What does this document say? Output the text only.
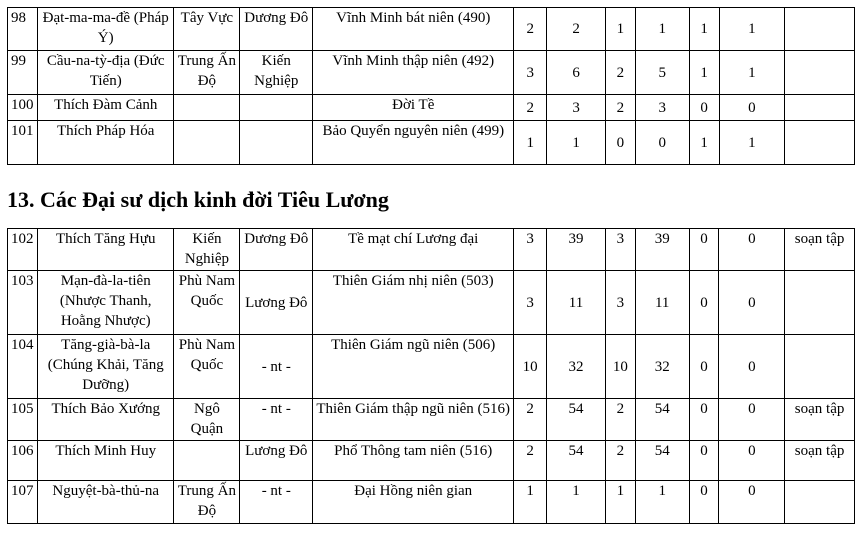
98	Đạt-ma-ma-đề (Pháp Ý)	Tây Vực	Dương Đô	Vĩnh Minh bát niên (490)	2	2	1	1	1	1	
99	Cầu-na-tỳ-địa (Đức Tiến)	Trung Ấn Độ	Kiến Nghiệp	Vĩnh Minh thập niên (492)	3	6	2	5	1	1	
100	Thích Đàm Cảnh			Đời Tề	2	3	2	3	0	0	
101	Thích Pháp Hóa			Bảo Quyển nguyên niên (499)	1	1	0	0	1	1	
13. Các Đại sư dịch kinh đời Tiêu Lương
102	Thích Tăng Hựu	Kiến Nghiệp	Dương Đô	Tề mạt chí Lương đại	3	39	3	39	0	0	soạn tập
103	Mạn-đà-la-tiên (Nhược Thanh, Hoằng Nhược)	Phù Nam Quốc	Lương Đô	Thiên Giám nhị niên (503)	3	11	3	11	0	0	
104	Tăng-già-bà-la (Chúng Khải, Tăng Dưỡng)	Phù Nam Quốc	- nt -	Thiên Giám ngũ niên (506)	10	32	10	32	0	0	
105	Thích Bảo Xướng	Ngô Quận	- nt -	Thiên Giám thập ngũ niên (516)	2	54	2	54	0	0	soạn tập
106	Thích Minh Huy		Lương Đô	Phổ Thông tam niên (516)	2	54	2	54	0	0	soạn tập
107	Nguyệt-bà-thủ-na	Trung Ấn Độ	- nt -	Đại Hồng niên gian	1	1	1	1	0	0	
